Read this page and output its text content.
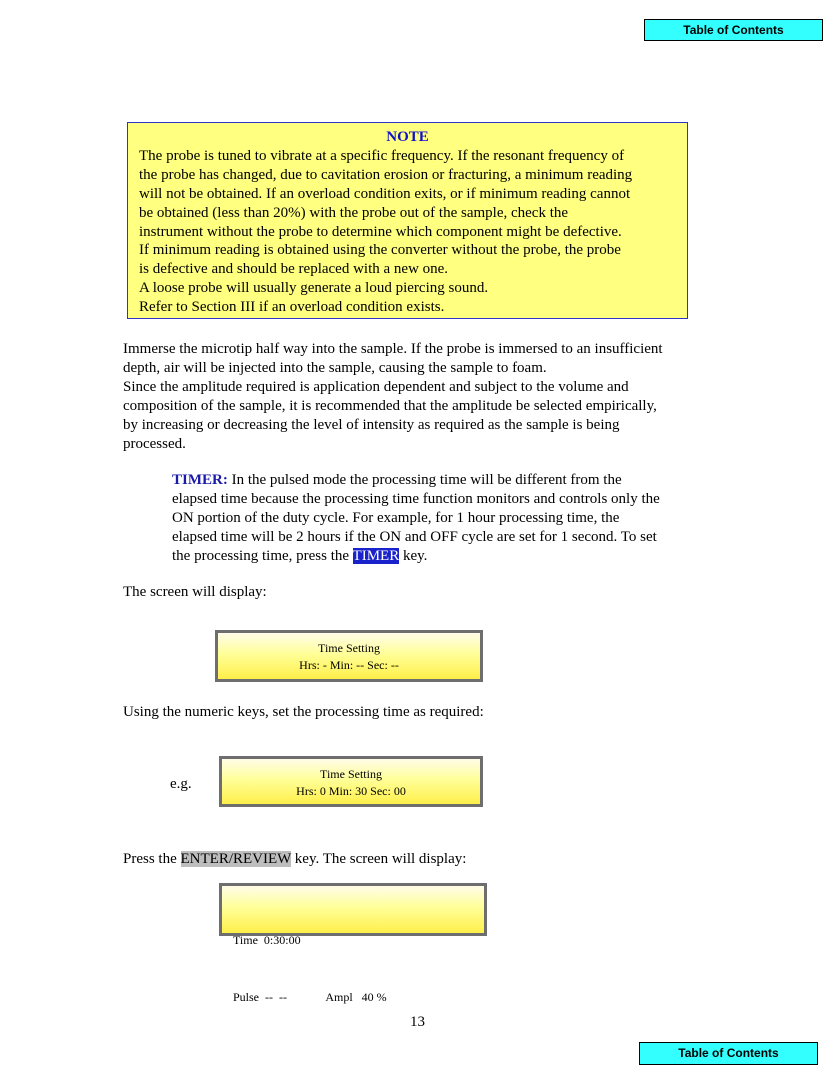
Table of Contents
NOTE
The probe is tuned to vibrate at a specific frequency. If the resonant frequency of
the probe has changed, due to cavitation erosion or fracturing, a minimum reading
will not be obtained. If an overload condition exits, or if minimum reading cannot
be obtained (less than 20%) with the probe out of the sample, check the
instrument without the probe to determine which component might be defective.
If minimum reading is obtained using the converter without the probe, the probe
is defective and should be replaced with a new one.
A loose probe will usually generate a loud piercing sound.
Refer to Section III if an overload condition exists.
Immerse the microtip half way into the sample. If the probe is immersed to an insufficient
depth, air will be injected into the sample, causing the sample to foam.
Since the amplitude required is application dependent and subject to the volume and
composition of the sample, it is recommended that the amplitude be selected empirically,
by increasing or decreasing the level of intensity as required as the sample is being
processed.
TIMER: In the pulsed mode the processing time will be different from the
elapsed time because the processing time function monitors and controls only the
ON portion of the duty cycle. For example, for 1 hour processing time, the
elapsed time will be 2 hours if the ON and OFF cycle are set for 1 second. To set
the processing time, press the TIMER key.
The screen will display:
Time Setting
Hrs: - Min: -- Sec: --
Using the numeric keys, set the processing time as required:
e.g.
Time Setting
Hrs: 0 Min: 30 Sec: 00
Press the ENTER/REVIEW key. The screen will display:

Time  0:30:00

Pulse  --  --             Ampl   40 %

13
Table of Contents
